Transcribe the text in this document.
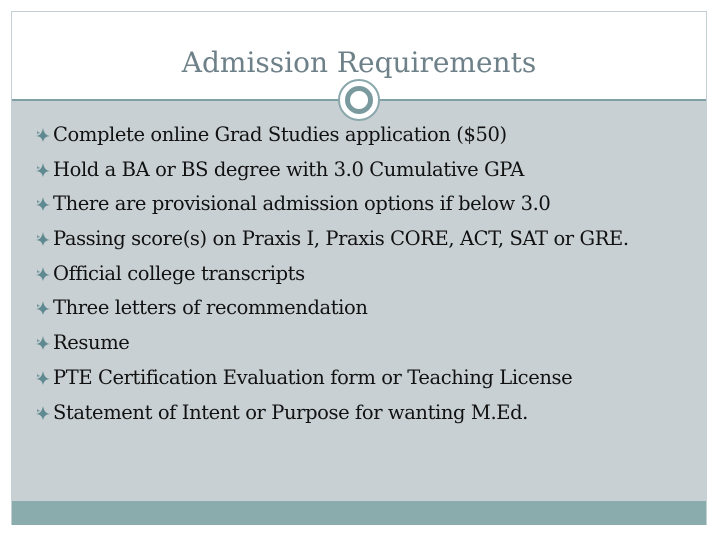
Admission Requirements
Complete online Grad Studies application ($50)
Hold a BA or BS degree with 3.0 Cumulative GPA
There are provisional admission options if below 3.0
Passing score(s) on Praxis I, Praxis CORE, ACT, SAT or GRE.
Official college transcripts
Three letters of recommendation
Resume
PTE Certification Evaluation form or Teaching License
Statement of Intent or Purpose for wanting M.Ed.
